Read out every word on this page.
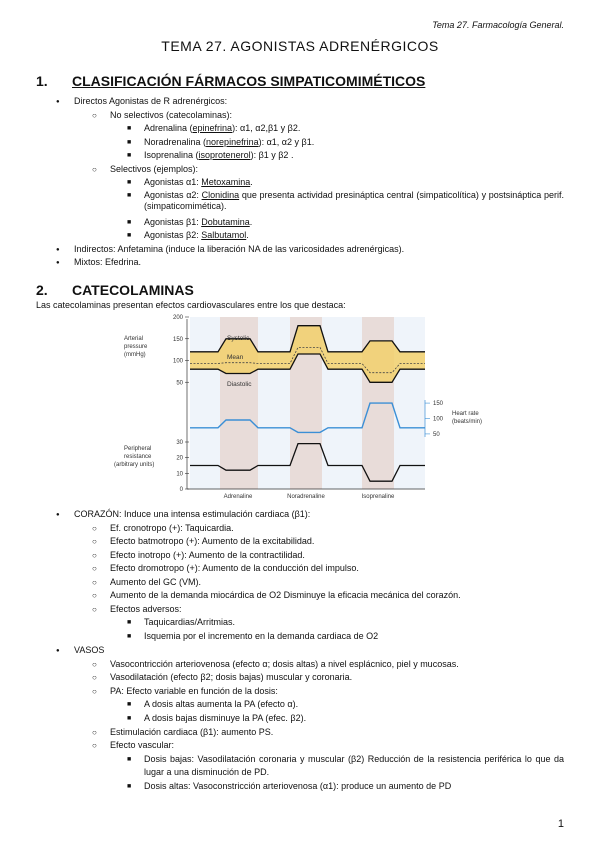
Tema 27. Farmacología General.
TEMA 27. AGONISTAS ADRENÉRGICOS
1. CLASIFICACIÓN FÁRMACOS SIMPATICOMIMÉTICOS
● Directos Agonistas de R adrenérgicos:
○ No selectivos (catecolaminas):
■ Adrenalina (epinefrina): α1, α2,β1 y β2.
■ Noradrenalina (norepinefrina): α1, α2 y β1.
■ Isoprenalina (isoprotenerol): β1 y β2 .
○ Selectivos (ejemplos):
■ Agonistas α1: Metoxamina.
■ Agonistas α2: Clonidina que presenta actividad presináptica central (simpaticolítica) y postsináptica perif. (simpaticomimética).
■ Agonistas β1: Dobutamina.
■ Agonistas β2: Salbutamol.
● Indirectos: Anfetamina (induce la liberación NA de las varicosidades adrenérgicas).
● Mixtos: Efedrina.
2. CATECOLAMINAS
Las catecolaminas presentan efectos cardiovasculares entre los que destaca:
50
100
150
200
50
100
150
0
10
20
30
Systolic
Mean
Diastolic
Arterial
pressure
(mmHg)
Heart rate
(beats/min)
Peripheral
resistance
(arbitrary units)
Adrenaline	Noradrenaline	Isoprenaline
● CORAZÓN: Induce una intensa estimulación cardiaca (β1):
○ Ef. cronotropo (+): Taquicardia.
○ Efecto batmotropo (+): Aumento de la excitabilidad.
○ Efecto inotropo (+): Aumento de la contractilidad.
○ Efecto dromotropo (+): Aumento de la conducción del impulso.
○ Aumento del GC (VM).
○ Aumento de la demanda miocárdica de O2 Disminuye la eficacia mecánica del corazón.
○ Efectos adversos:
■ Taquicardias/Arritmias.
■ Isquemia por el incremento en la demanda cardiaca de O2
● VASOS
○ Vasocontricción arteriovenosa (efecto α; dosis altas) a nivel esplácnico, piel y mucosas.
○ Vasodilatación (efecto β2; dosis bajas) muscular y coronaria.
○ PA: Efecto variable en función de la dosis:
■ A dosis altas aumenta la PA (efecto α).
■ A dosis bajas disminuye la PA (efec. β2).
○ Estimulación cardiaca (β1): aumento PS.
○ Efecto vascular:
■ Dosis bajas: Vasodilatación coronaria y muscular (β2) Reducción de la resistencia periférica lo que da lugar a una disminución de PD.
■ Dosis altas: Vasoconstricción arteriovenosa (α1): produce un aumento de PD
1
